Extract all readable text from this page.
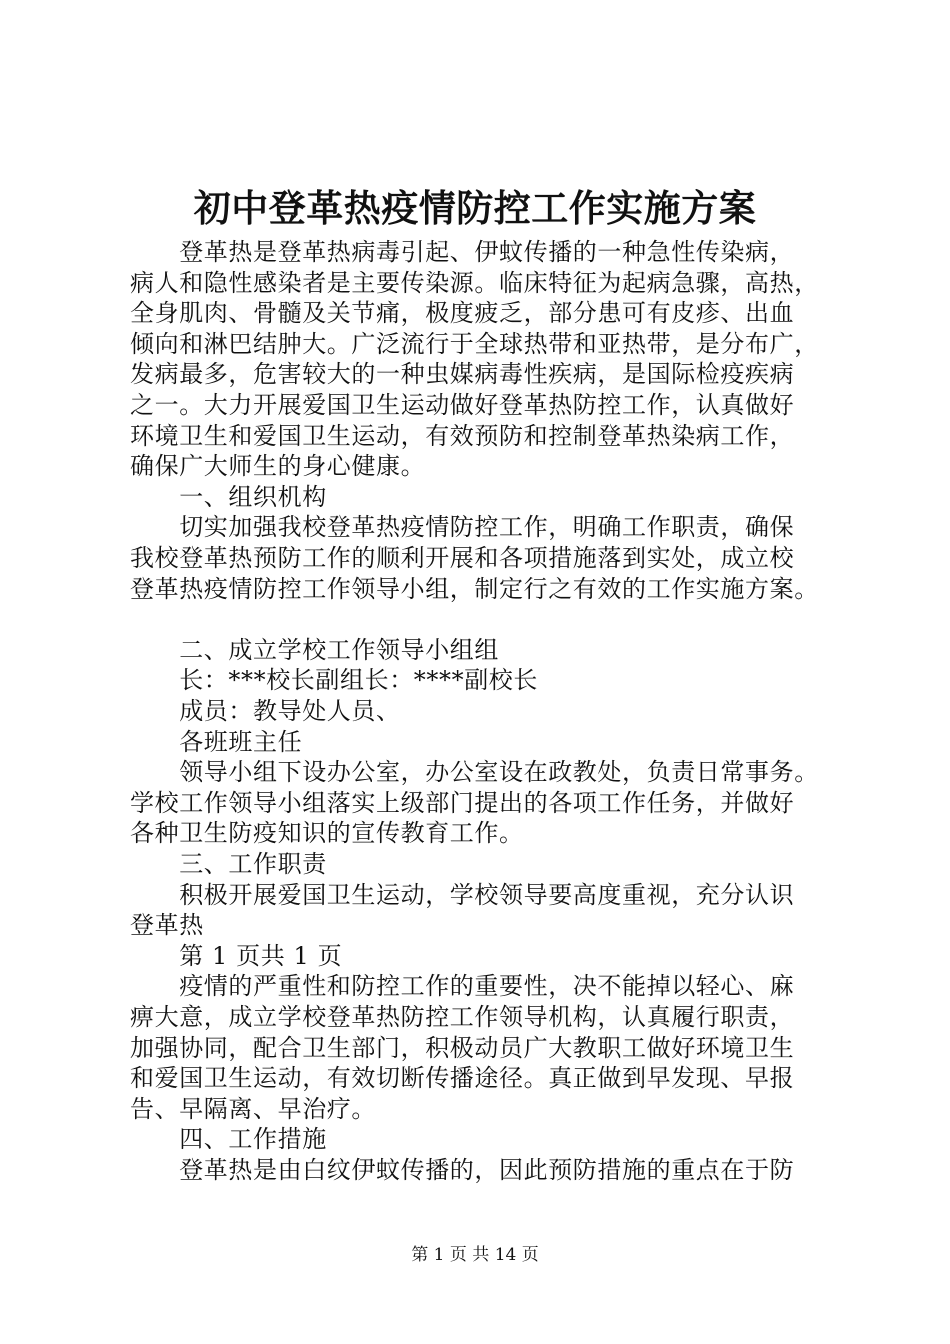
初中登革热疫情防控工作实施方案
　　登革热是登革热病毒引起、伊蚊传播的一种急性传染病，
病人和隐性感染者是主要传染源。临床特征为起病急骤，高热，
全身肌肉、骨髓及关节痛，极度疲乏，部分患可有皮疹、出血
倾向和淋巴结肿大。广泛流行于全球热带和亚热带，是分布广，
发病最多，危害较大的一种虫媒病毒性疾病，是国际检疫疾病
之一。大力开展爱国卫生运动做好登革热防控工作，认真做好
环境卫生和爱国卫生运动，有效预防和控制登革热染病工作，
确保广大师生的身心健康。
　　一、组织机构
　　切实加强我校登革热疫情防控工作，明确工作职责，确保
我校登革热预防工作的顺利开展和各项措施落到实处，成立校
登革热疫情防控工作领导小组，制定行之有效的工作实施方案。
　　二、成立学校工作领导小组组
　　长：***校长副组长：****副校长
　　成员：教导处人员、
　　各班班主任
　　领导小组下设办公室，办公室设在政教处，负责日常事务。
学校工作领导小组落实上级部门提出的各项工作任务，并做好
各种卫生防疫知识的宣传教育工作。
　　三、工作职责
　　积极开展爱国卫生运动，学校领导要高度重视，充分认识
登革热
　　第 1 页共 1 页
　　疫情的严重性和防控工作的重要性，决不能掉以轻心、麻
痹大意，成立学校登革热防控工作领导机构，认真履行职责，
加强协同，配合卫生部门，积极动员广大教职工做好环境卫生
和爱国卫生运动，有效切断传播途径。真正做到早发现、早报
告、早隔离、早治疗。
　　四、工作措施
　　登革热是由白纹伊蚊传播的，因此预防措施的重点在于防
第 1 页 共 14 页
